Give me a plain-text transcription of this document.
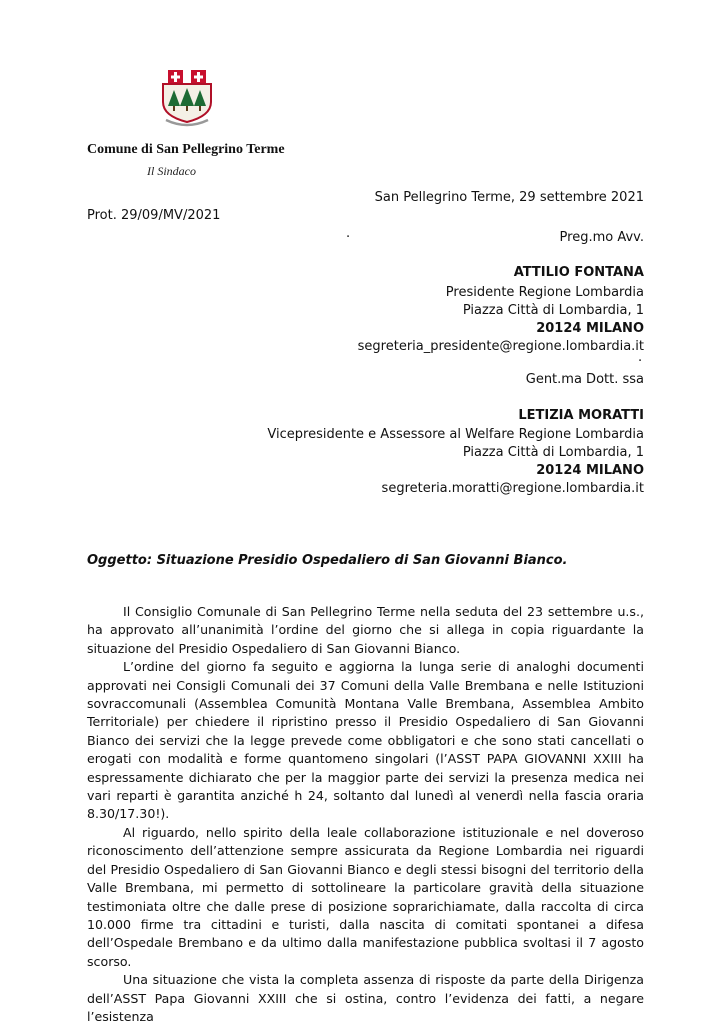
Comune di San Pellegrino Terme
Il Sindaco
San Pellegrino Terme, 29 settembre 2021
Prot. 29/09/MV/2021
.	Preg.mo Avv.
ATTILIO FONTANA
Presidente Regione Lombardia
Piazza Città di Lombardia, 1
20124 MILANO
segreteria_presidente@regione.lombardia.it
.
Gent.ma Dott. ssa
LETIZIA MORATTI
Vicepresidente e Assessore al Welfare Regione Lombardia
Piazza Città di Lombardia, 1
20124 MILANO
segreteria.moratti@regione.lombardia.it
Oggetto: Situazione Presidio Ospedaliero di San Giovanni Bianco.

Il Consiglio Comunale di San Pellegrino Terme nella seduta del 23 settembre u.s., ha approvato all’unanimità l’ordine del giorno che si allega in copia riguardante la situazione del Presidio Ospedaliero di San Giovanni Bianco.

L’ordine del giorno fa seguito e aggiorna la lunga serie di analoghi documenti approvati nei Consigli Comunali dei 37 Comuni della Valle Brembana e nelle Istituzioni sovraccomunali (Assemblea Comunità Montana Valle Brembana, Assemblea Ambito Territoriale) per chiedere il ripristino presso il Presidio Ospedaliero di San Giovanni Bianco dei servizi che la legge prevede come obbligatori e che sono stati cancellati o erogati con modalità e forme quantomeno singolari (l’ASST PAPA GIOVANNI XXIII ha espressamente dichiarato che per la maggior parte dei servizi la presenza medica nei vari reparti è garantita anziché h 24, soltanto dal lunedì al venerdì nella fascia oraria 8.30/17.30!).

Al riguardo, nello spirito della leale collaborazione istituzionale e nel doveroso riconoscimento dell’attenzione sempre assicurata da Regione Lombardia nei riguardi del Presidio Ospedaliero di San Giovanni Bianco e degli stessi bisogni del territorio della Valle Brembana, mi permetto di sottolineare la particolare gravità della situazione testimoniata oltre che dalle prese di posizione soprarichiamate, dalla raccolta di circa 10.000 firme tra cittadini e turisti, dalla nascita di comitati spontanei a difesa dell’Ospedale Brembano e da ultimo dalla manifestazione pubblica svoltasi il 7 agosto scorso.

Una situazione che vista la completa assenza di risposte da parte della Dirigenza dell’ASST Papa Giovanni XXIII che si ostina, contro l’evidenza dei fatti, a negare l’esistenza
